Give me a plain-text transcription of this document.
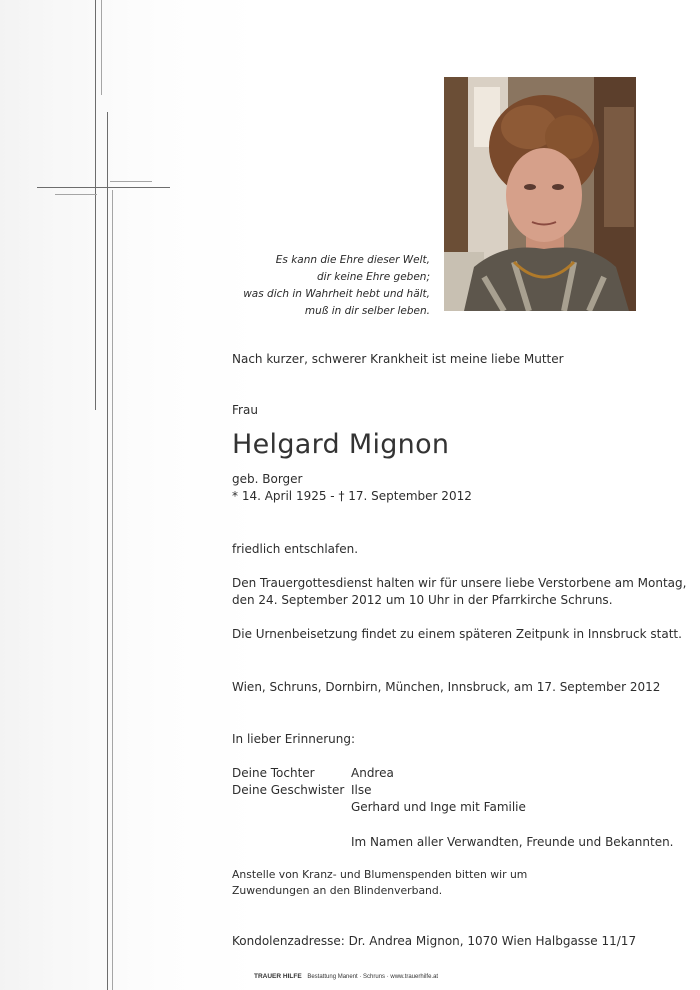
Es kann die Ehre dieser Welt,
dir keine Ehre geben;
was dich in Wahrheit hebt und hält,
muß in dir selber leben.
Nach kurzer, schwerer Krankheit ist meine liebe Mutter
Frau
Helgard Mignon
geb. Borger
* 14. April 1925 - † 17. September 2012
friedlich entschlafen.
Den Trauergottesdienst halten wir für unsere liebe Verstorbene am Montag,
den 24. September 2012 um 10 Uhr in der Pfarrkirche Schruns.
Die Urnenbeisetzung findet zu einem späteren Zeitpunk in Innsbruck statt.
Wien, Schruns, Dornbirn, München, Innsbruck, am 17. September 2012
In lieber Erinnerung:
Deine Tochter	Andrea
Deine Geschwister Ilse
Gerhard und Inge mit Familie
Im Namen aller Verwandten, Freunde und Bekannten.
Anstelle von Kranz- und Blumenspenden bitten wir um
Zuwendungen an den Blindenverband.
Kondolenzadresse: Dr. Andrea Mignon, 1070 Wien Halbgasse 11/17
TRAUER HILFE Bestattung Manent · Schruns · www.trauerhilfe.at
